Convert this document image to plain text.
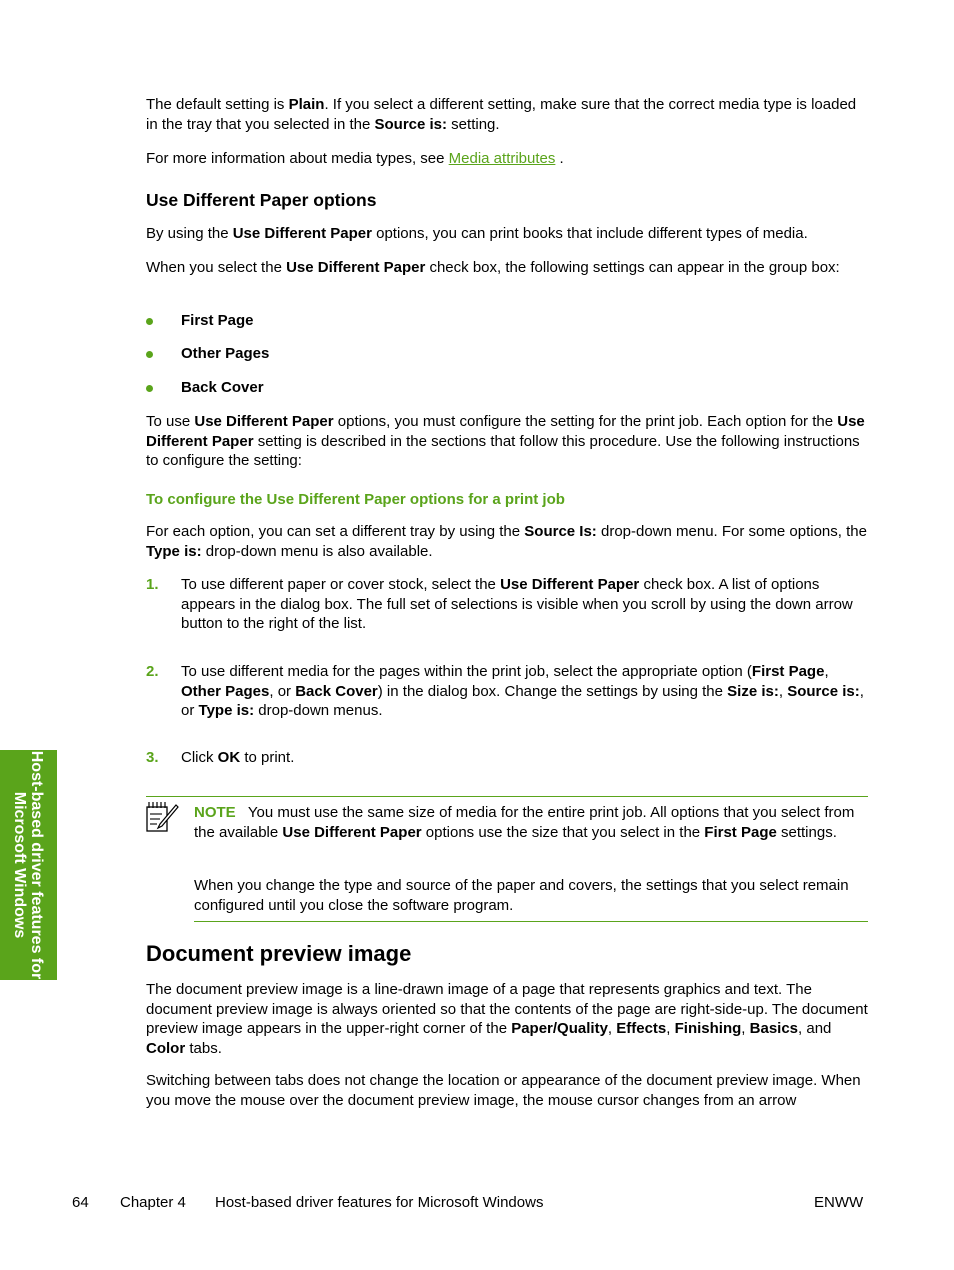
The default setting is Plain. If you select a different setting, make sure that the correct media type is loaded in the tray that you selected in the Source is: setting.

For more information about media types, see Media attributes .

Use Different Paper options

By using the Use Different Paper options, you can print books that include different types of media.

When you select the Use Different Paper check box, the following settings can appear in the group box:

First Page
Other Pages
Back Cover

To use Use Different Paper options, you must configure the setting for the print job. Each option for the Use Different Paper setting is described in the sections that follow this procedure. Use the following instructions to configure the setting:

To configure the Use Different Paper options for a print job

For each option, you can set a different tray by using the Source Is: drop-down menu. For some options, the Type is: drop-down menu is also available.

1. To use different paper or cover stock, select the Use Different Paper check box. A list of options appears in the dialog box. The full set of selections is visible when you scroll by using the down arrow button to the right of the list.

2. To use different media for the pages within the print job, select the appropriate option (First Page, Other Pages, or Back Cover) in the dialog box. Change the settings by using the Size is:, Source is:, or Type is: drop-down menus.

3. Click OK to print.

NOTE   You must use the same size of media for the entire print job. All options that you select from the available Use Different Paper options use the size that you select in the First Page settings.

When you change the type and source of the paper and covers, the settings that you select remain configured until you close the software program.

Document preview image

The document preview image is a line-drawn image of a page that represents graphics and text. The document preview image is always oriented so that the contents of the page are right-side-up. The document preview image appears in the upper-right corner of the Paper/Quality, Effects, Finishing, Basics, and Color tabs.

Switching between tabs does not change the location or appearance of the document preview image. When you move the mouse over the document preview image, the mouse cursor changes from an arrow

Host-based driver features for Microsoft Windows
64 Chapter 4 Host-based driver features for Microsoft Windows	ENWW
